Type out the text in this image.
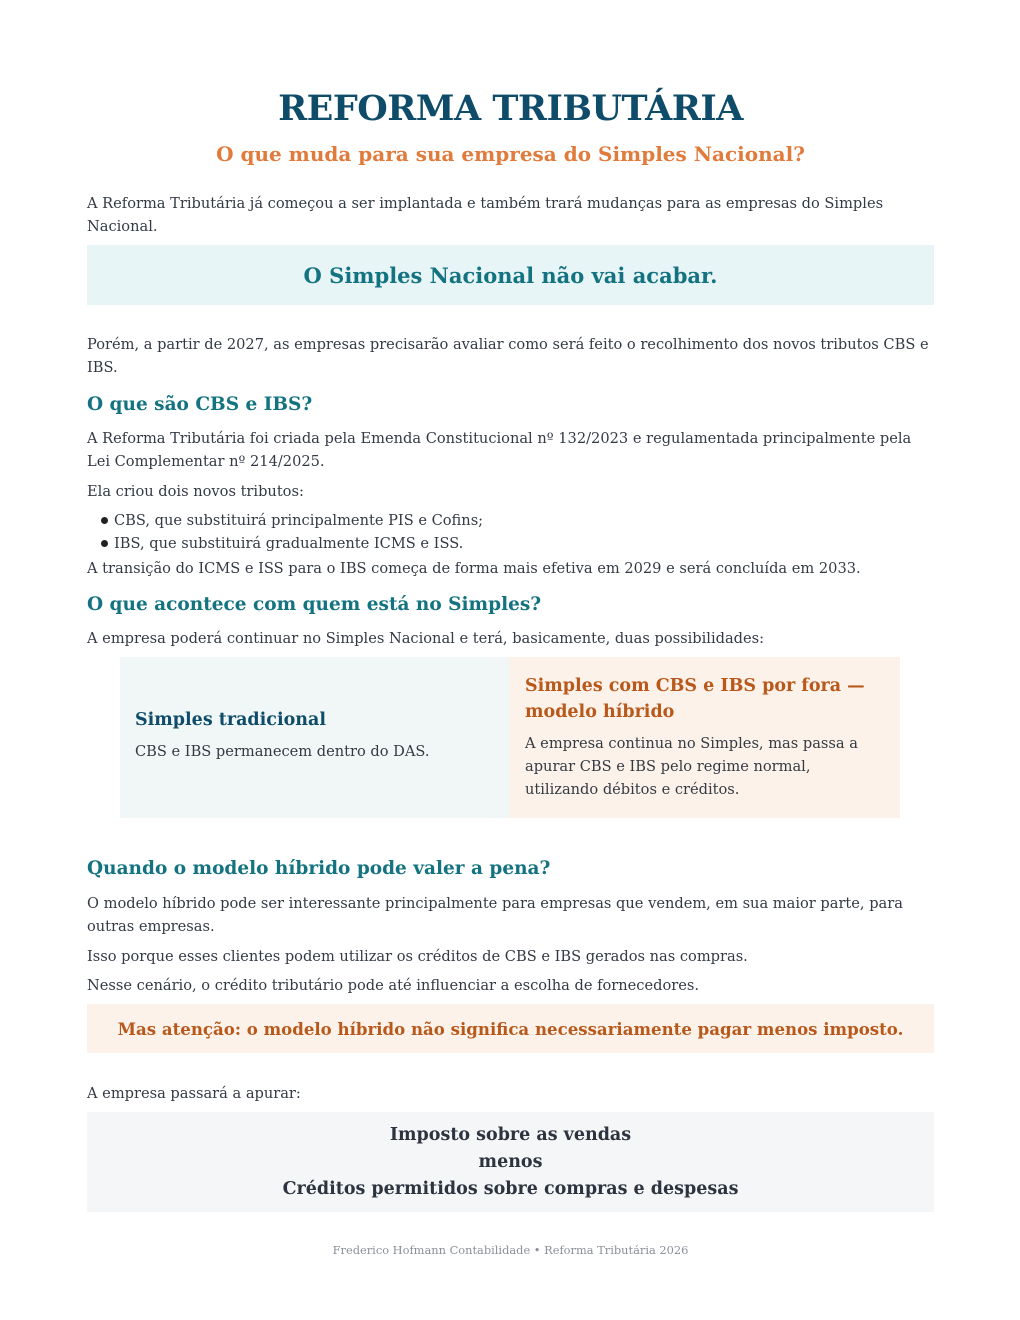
REFORMA TRIBUTÁRIA
O que muda para sua empresa do Simples Nacional?

A Reforma Tributária já começou a ser implantada e também trará mudanças para as empresas do Simples Nacional.

O Simples Nacional não vai acabar.

Porém, a partir de 2027, as empresas precisarão avaliar como será feito o recolhimento dos novos tributos CBS e IBS.

O que são CBS e IBS?

A Reforma Tributária foi criada pela Emenda Constitucional nº 132/2023 e regulamentada principalmente pela Lei Complementar nº 214/2025.

Ela criou dois novos tributos:

CBS, que substituirá principalmente PIS e Cofins;
IBS, que substituirá gradualmente ICMS e ISS.

A transição do ICMS e ISS para o IBS começa de forma mais efetiva em 2029 e será concluída em 2033.

O que acontece com quem está no Simples?

A empresa poderá continuar no Simples Nacional e terá, basicamente, duas possibilidades:

Simples tradicional

CBS e IBS permanecem dentro do DAS.

Simples com CBS e IBS por fora — modelo híbrido

A empresa continua no Simples, mas passa a apurar CBS e IBS pelo regime normal, utilizando débitos e créditos.

Quando o modelo híbrido pode valer a pena?

O modelo híbrido pode ser interessante principalmente para empresas que vendem, em sua maior parte, para outras empresas.

Isso porque esses clientes podem utilizar os créditos de CBS e IBS gerados nas compras.

Nesse cenário, o crédito tributário pode até influenciar a escolha de fornecedores.

Mas atenção: o modelo híbrido não significa necessariamente pagar menos imposto.

A empresa passará a apurar:

Imposto sobre as vendas
menos
Créditos permitidos sobre compras e despesas
Frederico Hofmann Contabilidade • Reforma Tributária 2026
